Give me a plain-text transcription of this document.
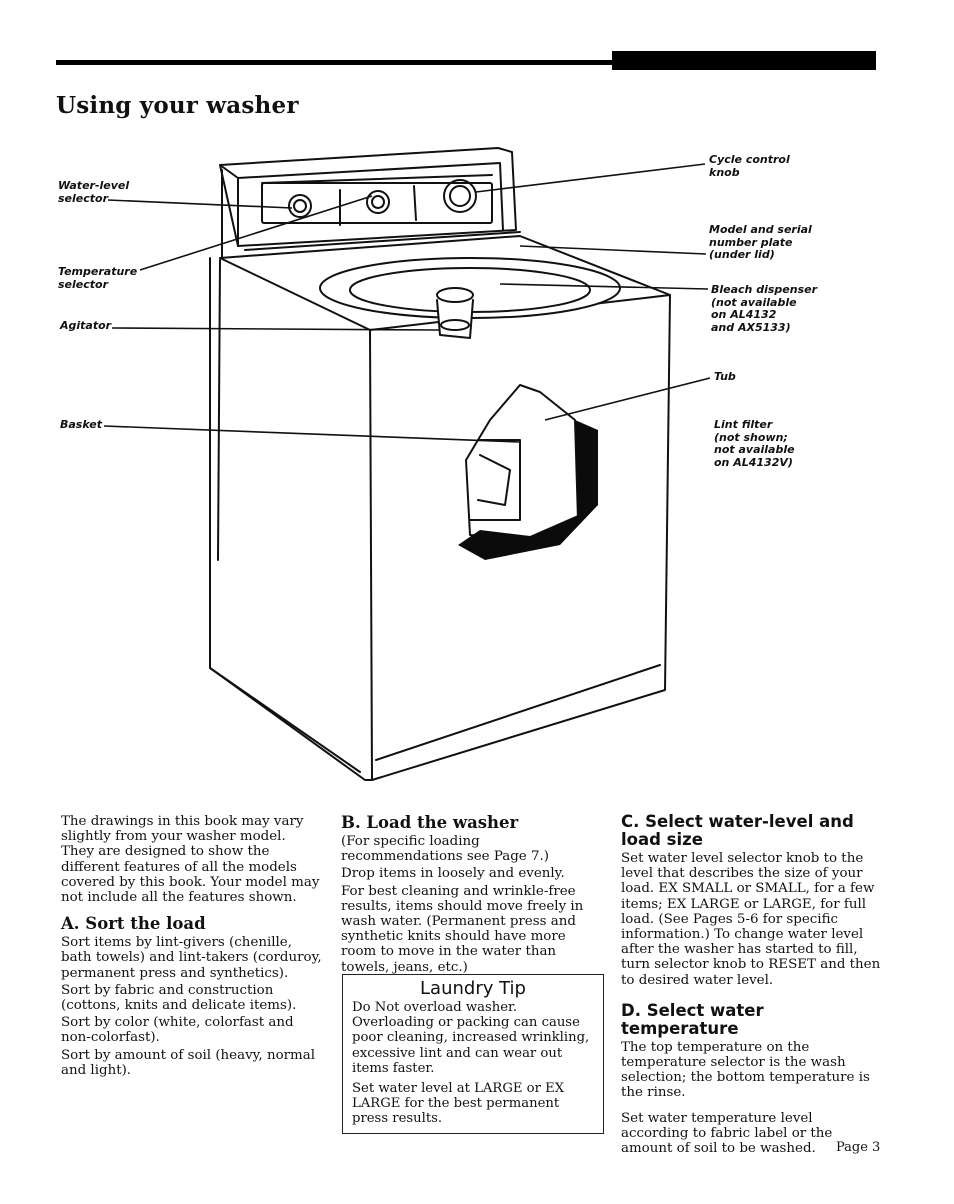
Using your washer
Water-level
selector
Temperature
selector
Agitator
Basket
Cycle control
knob
Model and serial
number plate
(under lid)
Bleach dispenser
(not available
on AL4132
and AX5133)
Tub
Lint filter
(not shown;
not available
on AL4132V)

The drawings in this book may vary slightly from your washer model. They are designed to show the different features of all the models covered by this book. Your model may not include all the features shown.

A. Sort the load

Sort items by lint-givers (chenille, bath towels) and lint-takers (corduroy, permanent press and synthetics).

Sort by fabric and construction (cottons, knits and delicate items).

Sort by color (white, colorfast and non-colorfast).

Sort by amount of soil (heavy, normal and light).

B. Load the washer

(For specific loading recommendations see Page 7.)

Drop items in loosely and evenly.

For best cleaning and wrinkle-free results, items should move freely in wash water. (Permanent press and synthetic knits should have more room to move in the water than towels, jeans, etc.)

Laundry Tip

Do Not overload washer. Overloading or packing can cause poor cleaning, increased wrinkling, excessive lint and can wear out items faster.

Set water level at LARGE or EX LARGE for the best permanent press results.

C. Select water-level and load size

Set water level selector knob to the level that describes the size of your load. EX SMALL or SMALL, for a few items; EX LARGE or LARGE, for full load. (See Pages 5-6 for specific information.) To change water level after the washer has started to fill, turn selector knob to RESET and then to desired water level.

D. Select water temperature

The top temperature on the temperature selector is the wash selection; the bottom temperature is the rinse.

Set water temperature level according to fabric label or the amount of soil to be washed.	Page 3
